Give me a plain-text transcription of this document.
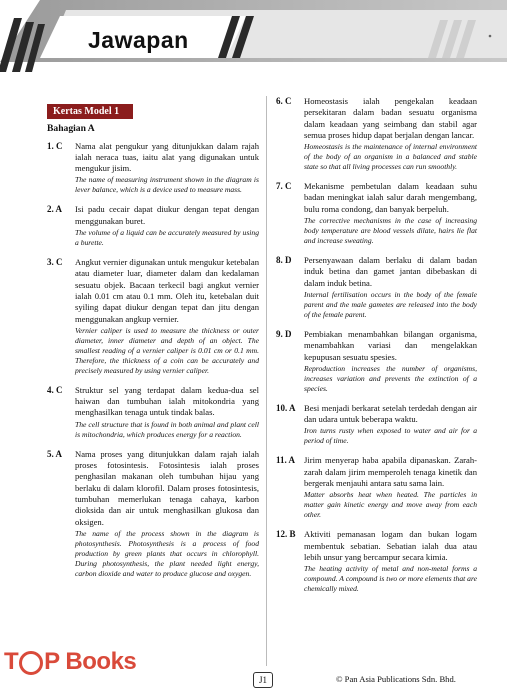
Jawapan
Kertas Model 1
Bahagian A
1. C	Nama alat pengukur yang ditunjukkan dalam rajah ialah neraca tuas, iaitu alat yang digunakan untuk mengukur jisim.
The name of measuring instrument shown in the diagram is lever balance, which is a device used to measure mass.
2. A	Isi padu cecair dapat diukur dengan tepat dengan menggunakan buret.
The volume of a liquid can be accurately measured by using a burette.
3. C	Angkut vernier digunakan untuk mengukur ketebalan atau diameter luar, diameter dalam dan kedalaman sesuatu objek. Bacaan terkecil bagi angkut vernier ialah 0.01 cm atau 0.1 mm. Oleh itu, ketebalan duit syiling dapat diukur dengan tepat dan jitu dengan menggunakan angkup vernier.
Vernier caliper is used to measure the thickness or outer diameter, inner diameter and depth of an object. The smallest reading of a vernier caliper is 0.01 cm or 0.1 mm. Therefore, the thickness of a coin can be accurately and precisely measured by using vernier caliper.
4. C	Struktur sel yang terdapat dalam kedua-dua sel haiwan dan tumbuhan ialah mitokondria yang menghasilkan tenaga untuk tindak balas.
The cell structure that is found in both animal and plant cell is mitochondria, which produces energy for a reaction.
5. A	Nama proses yang ditunjukkan dalam rajah ialah proses fotosintesis. Fotosintesis ialah proses penghasilan makanan oleh tumbuhan hijau yang berlaku di dalam klorofil. Dalam proses fotosintesis, tumbuhan memerlukan tenaga cahaya, karbon dioksida dan air untuk menghasilkan glukosa dan oksigen.
The name of the process shown in the diagram is photosynthesis. Photosynthesis is a process of food production by green plants that occurs in chlorophyll. During photosynthesis, the plant needed light energy, carbon dioxide and water to produce glucose and oxygen.
6. C	Homeostasis ialah pengekalan keadaan persekitaran dalam badan sesuatu organisma dalam keadaan yang seimbang dan stabil agar semua proses hidup dapat berjalan dengan lancar.
Homeostasis is the maintenance of internal environment of the body of an organism in a balanced and stable state so that all living processes can run smoothly.
7. C	Mekanisme pembetulan dalam keadaan suhu badan meningkat ialah salur darah mengembang, bulu roma condong, dan banyak berpeluh.
The corrective mechanisms in the case of increasing body temperature are blood vessels dilate, hairs lie flat and increase sweating.
8. D	Persenyawaan dalam berlaku di dalam badan induk betina dan gamet jantan dibebaskan di dalam induk betina.
Internal fertilisation occurs in the body of the female parent and the male gametes are released into the body of the female parent.
9. D	Pembiakan menambahkan bilangan organisma, menambahkan variasi dan mengelakkan kepupusan sesuatu spesies.
Reproduction increases the number of organisms, increases variation and prevents the extinction of a species.
10. A Besi menjadi berkarat setelah terdedah dengan air dan udara untuk beberapa waktu.
Iron turns rusty when exposed to water and air for a period of time.
11. A	Jirim menyerap haba apabila dipanaskan. Zarah-zarah dalam jirim memperoleh tenaga kinetik dan bergerak menjauhi antara satu sama lain.
Matter absorbs heat when heated. The particles in matter gain kinetic energy and move away from each other.
12. B Aktiviti pemanasan logam dan bukan logam membentuk sebatian. Sebatian ialah dua atau lebih unsur yang bercampur secara kimia.
The heating activity of metal and non-metal forms a compound. A compound is two or more elements that are chemically mixed.
T P Books
J1	© Pan Asia Publications Sdn. Bhd.
